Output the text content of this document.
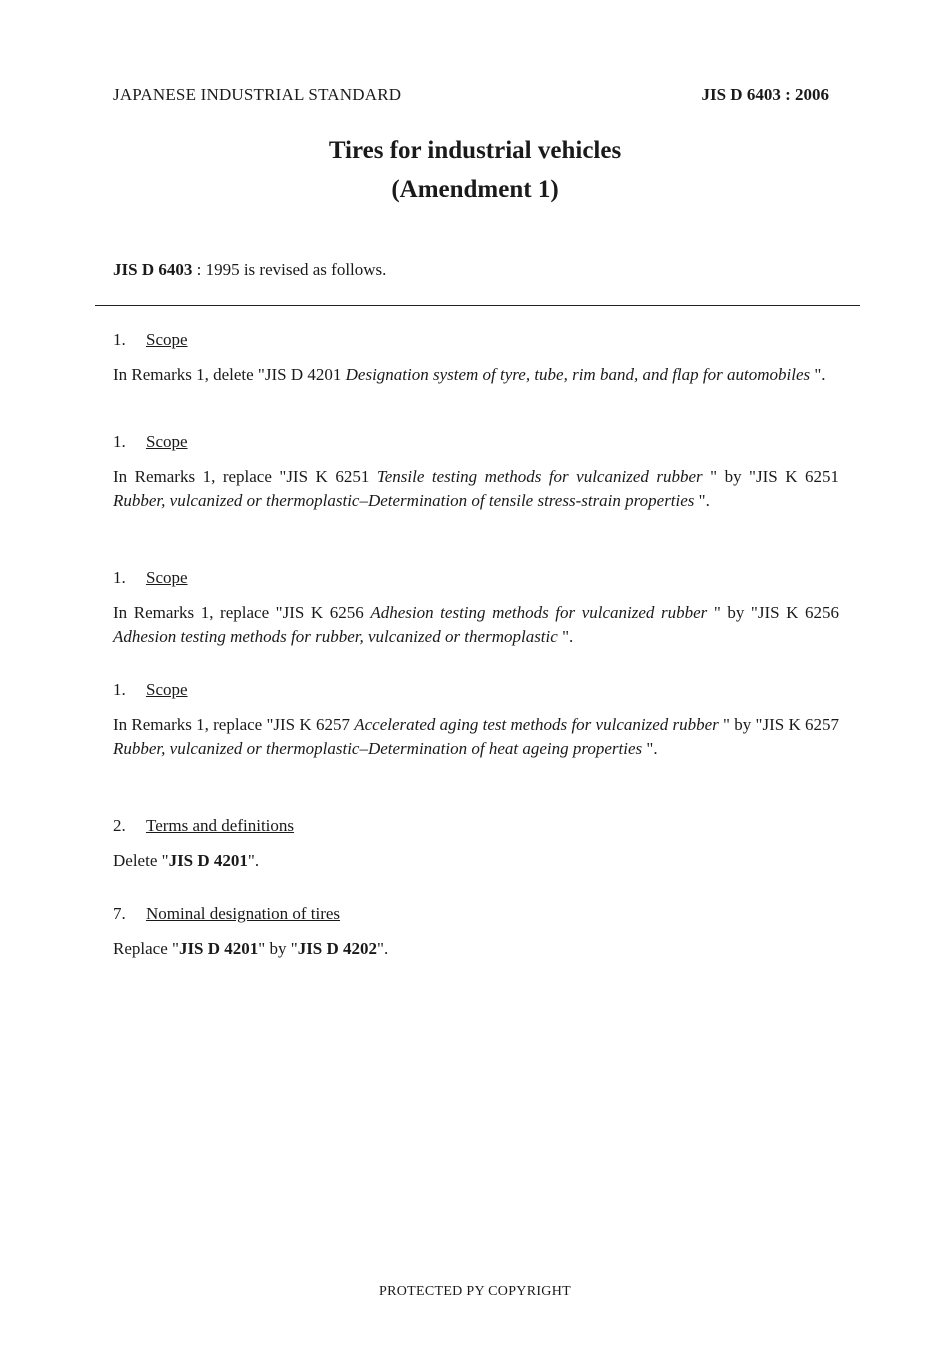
JAPANESE INDUSTRIAL STANDARD	JIS D 6403 : 2006
Tires for industrial vehicles
(Amendment 1)
JIS D 6403 : 1995 is revised as follows.
1. Scope
In Remarks 1, delete "JIS D 4201 Designation system of tyre, tube, rim band, and flap for automobiles ".
1. Scope
In Remarks 1, replace "JIS K 6251 Tensile testing methods for vulcanized rubber " by "JIS K 6251 Rubber, vulcanized or thermoplastic–Determination of tensile stress-strain properties ".
1. Scope
In Remarks 1, replace "JIS K 6256 Adhesion testing methods for vulcanized rubber " by "JIS K 6256 Adhesion testing methods for rubber, vulcanized or thermoplastic ".
1. Scope
In Remarks 1, replace "JIS K 6257 Accelerated aging test methods for vulcanized rubber " by "JIS K 6257 Rubber, vulcanized or thermoplastic–Determination of heat ageing properties ".
2. Terms and definitions
Delete "JIS D 4201".
7. Nominal designation of tires
Replace "JIS D 4201" by "JIS D 4202".
PROTECTED PY COPYRIGHT
